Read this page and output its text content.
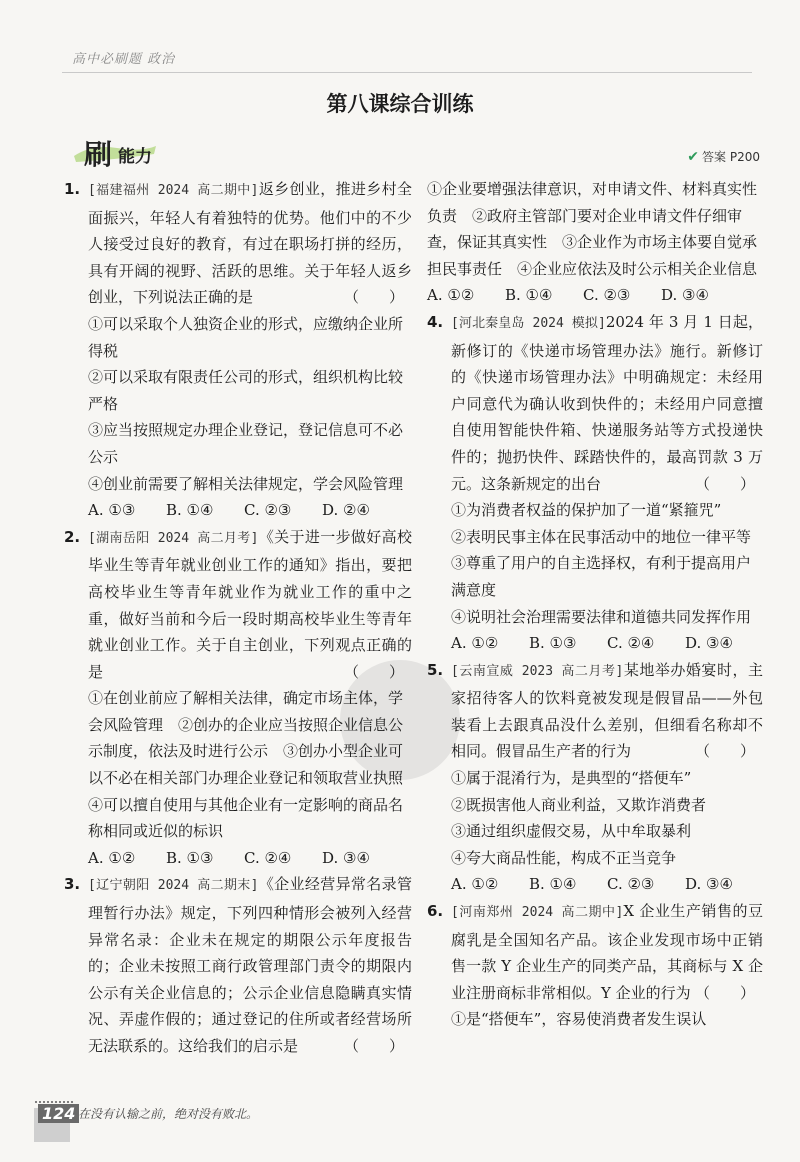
高中必刷题 政治
第八课综合训练
刷 能力	✔ 答案 P200
1. [福建福州 2024 高二期中]返乡创业，推进乡村全面振兴，年轻人有着独特的优势。他们中的不少人接受过良好的教育，有过在职场打拼的经历，具有开阔的视野、活跃的思维。关于年轻人返乡创业，下列说法正确的是	（　　）
①可以采取个人独资企业的形式，应缴纳企业所得税
②可以采取有限责任公司的形式，组织机构比较严格
③应当按照规定办理企业登记，登记信息可不必公示
④创业前需要了解相关法律规定，学会风险管理
A. ①③	B. ①④	C. ②③	D. ②④
2. [湖南岳阳 2024 高二月考]《关于进一步做好高校毕业生等青年就业创业工作的通知》指出，要把高校毕业生等青年就业作为就业工作的重中之重，做好当前和今后一段时期高校毕业生等青年就业创业工作。关于自主创业，下列观点正确的是	（　　）
①在创业前应了解相关法律，确定市场主体，学会风险管理　②创办的企业应当按照企业信息公示制度，依法及时进行公示　③创办小型企业可以不必在相关部门办理企业登记和领取营业执照　④可以擅自使用与其他企业有一定影响的商品名称相同或近似的标识
A. ①②	B. ①③	C. ②④	D. ③④
3. [辽宁朝阳 2024 高二期末]《企业经营异常名录管理暂行办法》规定，下列四种情形会被列入经营异常名录：企业未在规定的期限公示年度报告的；企业未按照工商行政管理部门责令的期限内公示有关企业信息的；公示企业信息隐瞒真实情况、弄虚作假的；通过登记的住所或者经营场所无法联系的。这给我们的启示是	（　　）
①企业要增强法律意识，对申请文件、材料真实性负责　②政府主管部门要对企业申请文件仔细审查，保证其真实性　③企业作为市场主体要自觉承担民事责任　④企业应依法及时公示相关企业信息
A. ①②	B. ①④	C. ②③	D. ③④
4. [河北秦皇岛 2024 模拟]2024 年 3 月 1 日起，新修订的《快递市场管理办法》施行。新修订的《快递市场管理办法》中明确规定：未经用户同意代为确认收到快件的；未经用户同意擅自使用智能快件箱、快递服务站等方式投递快件的；抛扔快件、踩踏快件的，最高罚款 3 万元。这条新规定的出台	（　　）
①为消费者权益的保护加了一道“紧箍咒”
②表明民事主体在民事活动中的地位一律平等
③尊重了用户的自主选择权，有利于提高用户满意度
④说明社会治理需要法律和道德共同发挥作用
A. ①②	B. ①③	C. ②④	D. ③④
5. [云南宣威 2023 高二月考]某地举办婚宴时，主家招待客人的饮料竟被发现是假冒品——外包装看上去跟真品没什么差别，但细看名称却不相同。假冒品生产者的行为	（　　）
①属于混淆行为，是典型的“搭便车”
②既损害他人商业利益，又欺诈消费者
③通过组织虚假交易，从中牟取暴利
④夸大商品性能，构成不正当竞争
A. ①②	B. ①④	C. ②③	D. ③④
6. [河南郑州 2024 高二期中]X 企业生产销售的豆腐乳是全国知名产品。该企业发现市场中正销售一款 Y 企业生产的同类产品，其商标与 X 企业注册商标非常相似。Y 企业的行为 （　　）
①是“搭便车”，容易使消费者发生误认
124 在没有认输之前，绝对没有败北。
